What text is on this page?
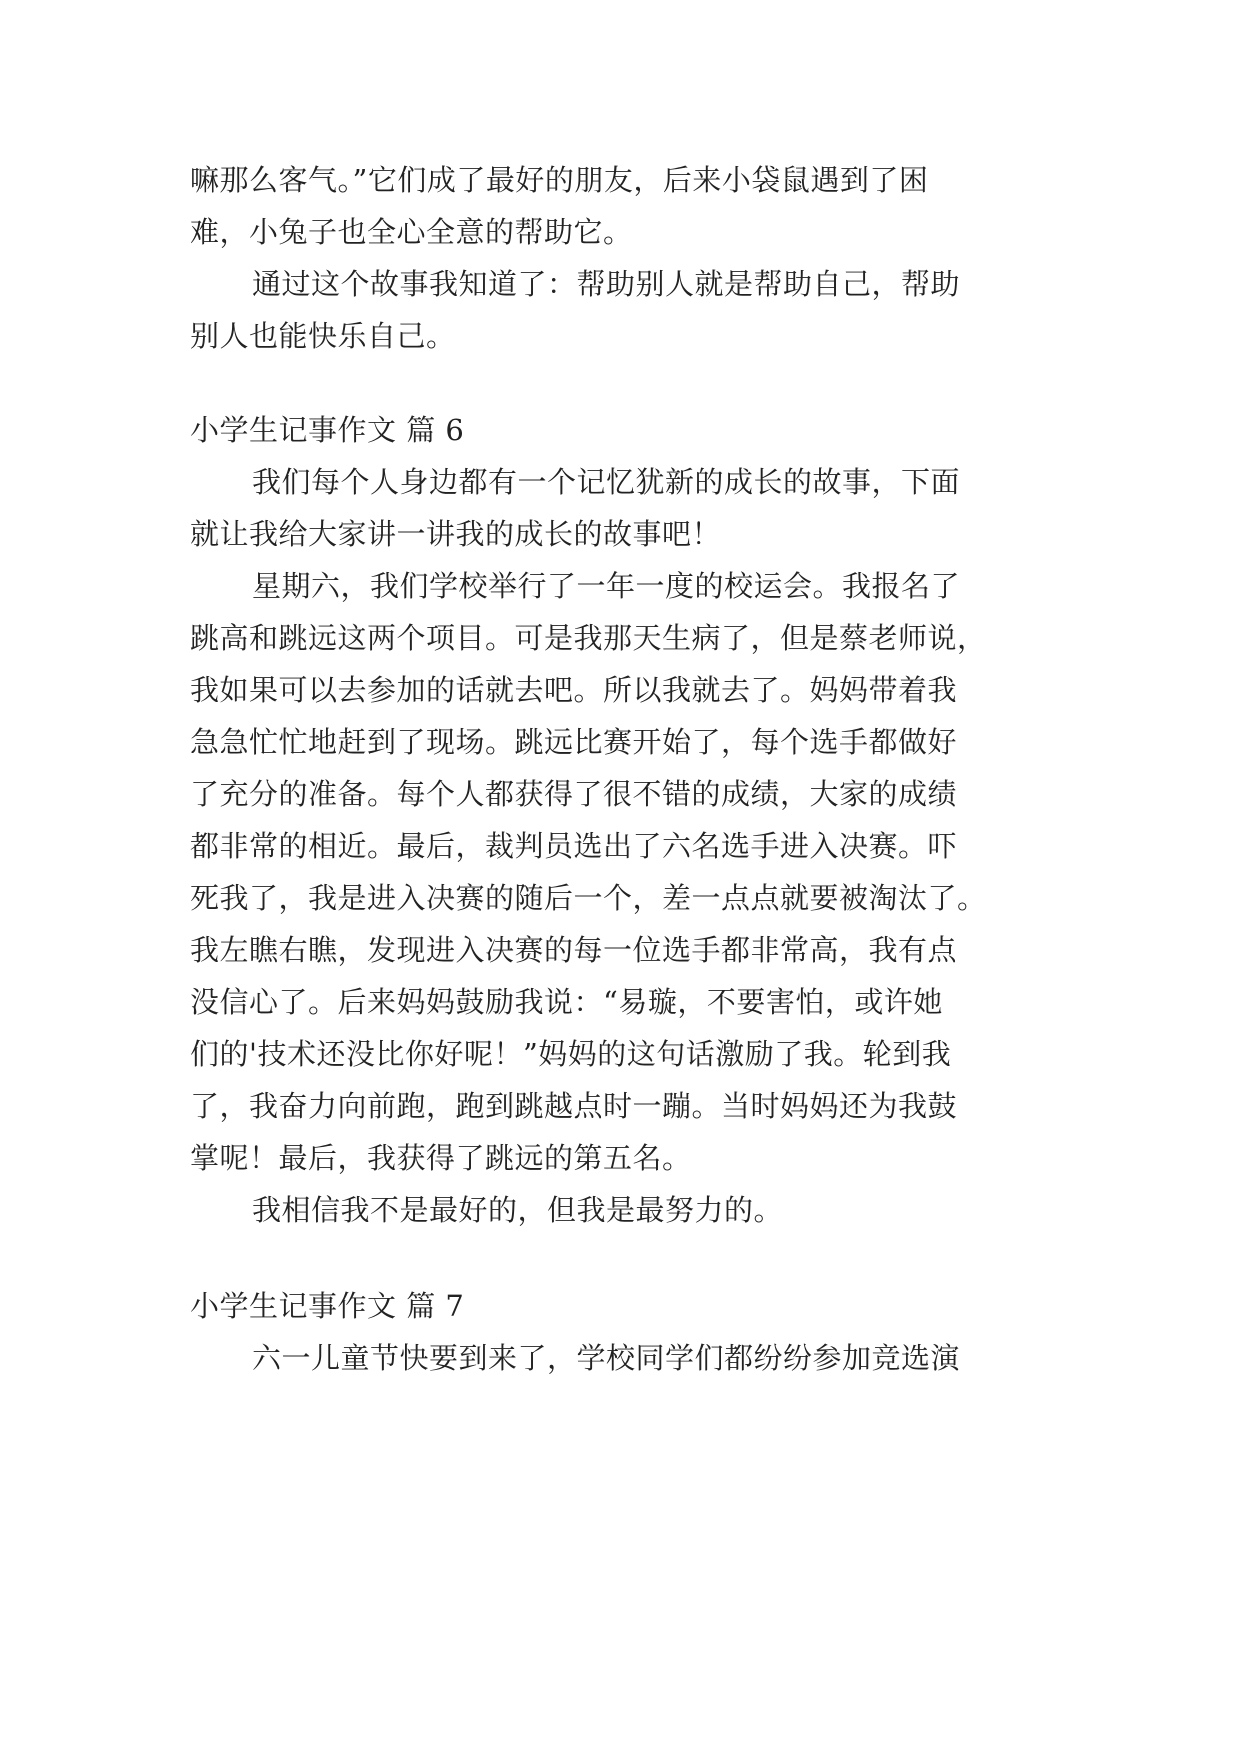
嘛那么客气。”它们成了最好的朋友，后来小袋鼠遇到了困
难，小兔子也全心全意的帮助它。
通过这个故事我知道了：帮助别人就是帮助自己，帮助
别人也能快乐自己。
小学生记事作文 篇 6
我们每个人身边都有一个记忆犹新的成长的故事，下面
就让我给大家讲一讲我的成长的故事吧！
星期六，我们学校举行了一年一度的校运会。我报名了
跳高和跳远这两个项目。可是我那天生病了，但是蔡老师说，
我如果可以去参加的话就去吧。所以我就去了。妈妈带着我
急急忙忙地赶到了现场。跳远比赛开始了，每个选手都做好
了充分的准备。每个人都获得了很不错的成绩，大家的成绩
都非常的相近。最后，裁判员选出了六名选手进入决赛。吓
死我了，我是进入决赛的随后一个，差一点点就要被淘汰了。
我左瞧右瞧，发现进入决赛的每一位选手都非常高，我有点
没信心了。后来妈妈鼓励我说：“易璇，不要害怕，或许她
们的'技术还没比你好呢！”妈妈的这句话激励了我。轮到我
了，我奋力向前跑，跑到跳越点时一蹦。当时妈妈还为我鼓
掌呢！最后，我获得了跳远的第五名。
我相信我不是最好的，但我是最努力的。
小学生记事作文 篇 7
六一儿童节快要到来了，学校同学们都纷纷参加竞选演
